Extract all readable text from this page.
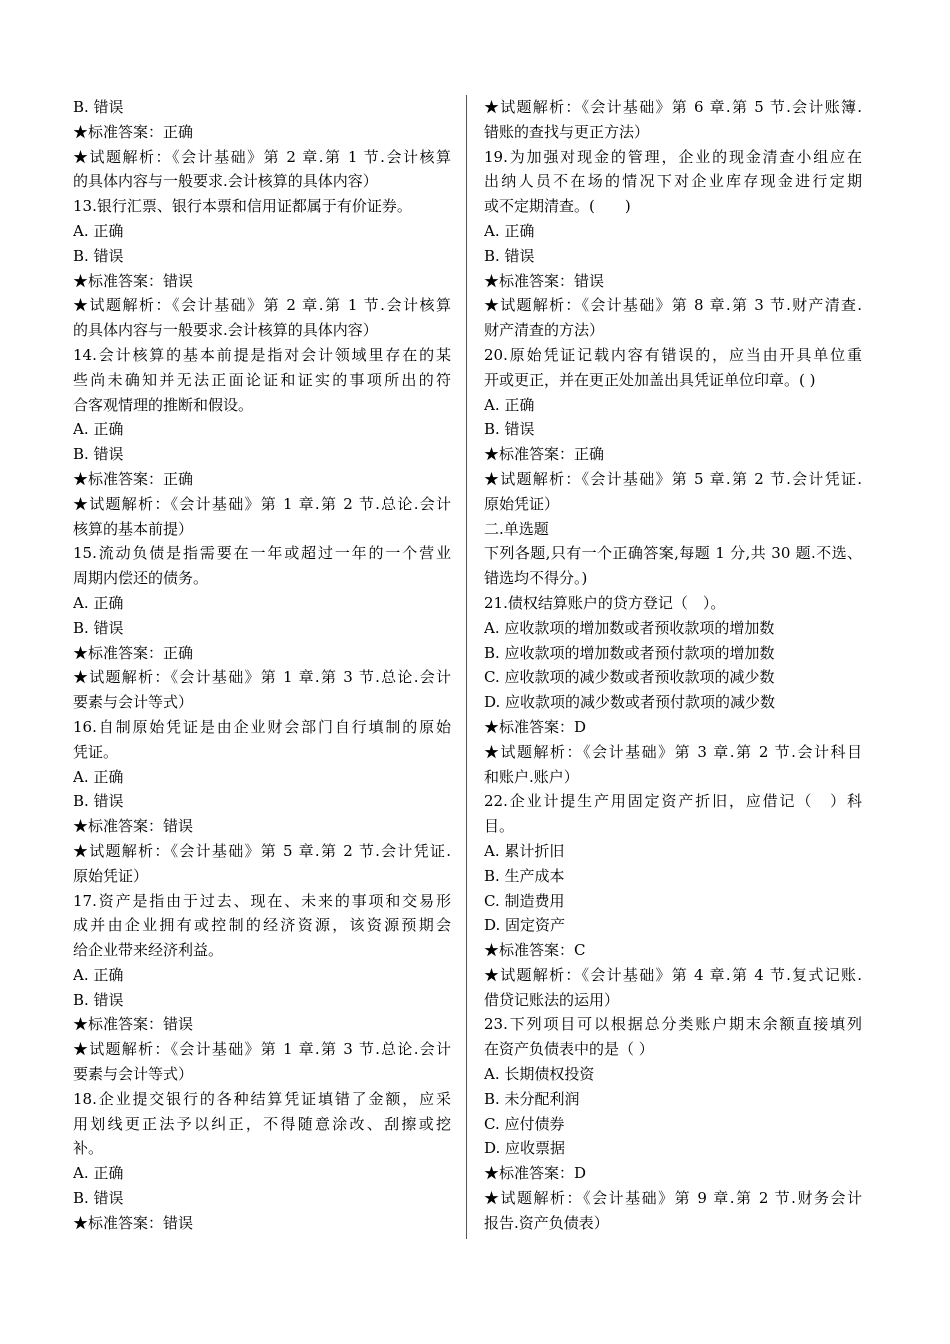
B. 错误
★标准答案：正确
★试题解析：《会计基础》第 2 章.第 1 节.会计核算
的具体内容与一般要求.会计核算的具体内容）
13.银行汇票、银行本票和信用证都属于有价证券。
A. 正确
B. 错误
★标准答案：错误
★试题解析：《会计基础》第 2 章.第 1 节.会计核算
的具体内容与一般要求.会计核算的具体内容）
14.会计核算的基本前提是指对会计领域里存在的某
些尚未确知并无法正面论证和证实的事项所出的符
合客观情理的推断和假设。
A. 正确
B. 错误
★标准答案：正确
★试题解析：《会计基础》第 1 章.第 2 节.总论.会计
核算的基本前提）
15.流动负债是指需要在一年或超过一年的一个营业
周期内偿还的债务。
A. 正确
B. 错误
★标准答案：正确
★试题解析：《会计基础》第 1 章.第 3 节.总论.会计
要素与会计等式）
16.自制原始凭证是由企业财会部门自行填制的原始
凭证。
A. 正确
B. 错误
★标准答案：错误
★试题解析：《会计基础》第 5 章.第 2 节.会计凭证.
原始凭证）
17.资产是指由于过去、现在、未来的事项和交易形
成并由企业拥有或控制的经济资源，该资源预期会
给企业带来经济利益。
A. 正确
B. 错误
★标准答案：错误
★试题解析：《会计基础》第 1 章.第 3 节.总论.会计
要素与会计等式）
18.企业提交银行的各种结算凭证填错了金额，应采
用划线更正法予以纠正，不得随意涂改、刮擦或挖
补。
A. 正确
B. 错误
★标准答案：错误
★试题解析：《会计基础》第 6 章.第 5 节.会计账簿.
错账的查找与更正方法）
19.为加强对现金的管理，企业的现金清查小组应在
出纳人员不在场的情况下对企业库存现金进行定期
或不定期清查。(　　)
A. 正确
B. 错误
★标准答案：错误
★试题解析：《会计基础》第 8 章.第 3 节.财产清查.
财产清查的方法）
20.原始凭证记载内容有错误的，应当由开具单位重
开或更正，并在更正处加盖出具凭证单位印章。( )
A. 正确
B. 错误
★标准答案：正确
★试题解析：《会计基础》第 5 章.第 2 节.会计凭证.
原始凭证）
二.单选题
下列各题,只有一个正确答案,每题 1 分,共 30 题.不选、
错选均不得分。)
21.债权结算账户的贷方登记（　）。
A. 应收款项的增加数或者预收款项的增加数
B. 应收款项的增加数或者预付款项的增加数
C. 应收款项的减少数或者预收款项的减少数
D. 应收款项的减少数或者预付款项的减少数
★标准答案：D
★试题解析：《会计基础》第 3 章.第 2 节.会计科目
和账户.账户）
22.企业计提生产用固定资产折旧，应借记（　）科
目。
A. 累计折旧
B. 生产成本
C. 制造费用
D. 固定资产
★标准答案：C
★试题解析：《会计基础》第 4 章.第 4 节.复式记账.
借贷记账法的运用）
23.下列项目可以根据总分类账户期末余额直接填列
在资产负债表中的是（ ）
A. 长期债权投资
B. 未分配利润
C. 应付债券
D. 应收票据
★标准答案：D
★试题解析：《会计基础》第 9 章.第 2 节.财务会计
报告.资产负债表）
